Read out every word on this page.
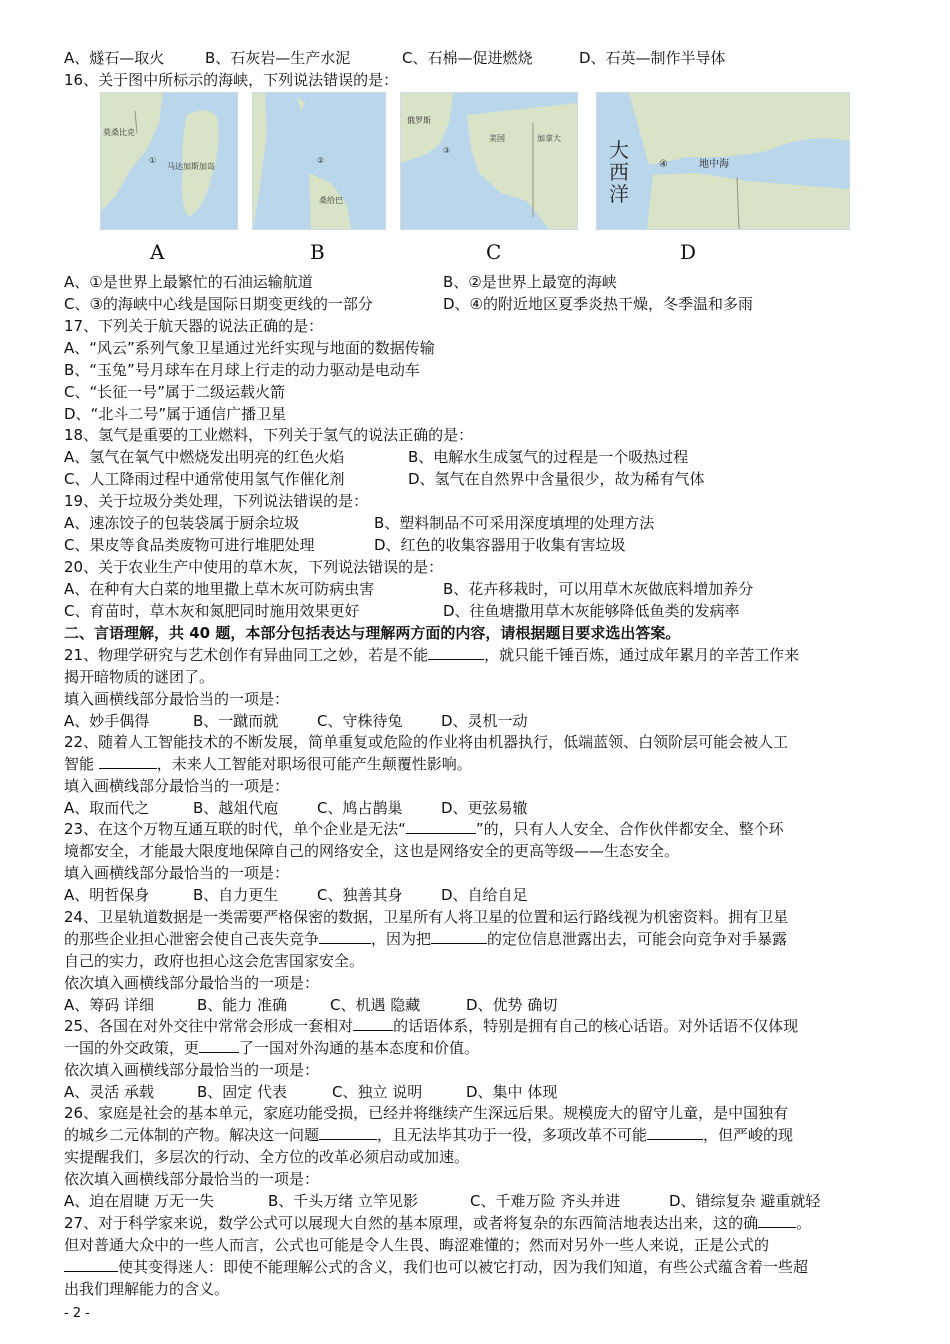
A、燧石—取火	B、石灰岩—生产水泥	C、石棉—促进燃烧	D、石英—制作半导体
16、关于图中所标示的海峡，下列说法错误的是：
莫桑比克
①
马达加斯加岛
②
桑给巴
俄罗斯
③
美国	加拿大 大
西
洋
④	地中海
A	B	C	D
A、①是世界上最繁忙的石油运输航道	B、②是世界上最宽的海峡
C、③的海峡中心线是国际日期变更线的一部分	D、④的附近地区夏季炎热干燥，冬季温和多雨
17、下列关于航天器的说法正确的是：
A、“风云”系列气象卫星通过光纤实现与地面的数据传输
B、“玉兔”号月球车在月球上行走的动力驱动是电动车
C、“长征一号”属于二级运载火箭
D、“北斗二号”属于通信广播卫星
18、氢气是重要的工业燃料，下列关于氢气的说法正确的是：
A、氢气在氧气中燃烧发出明亮的红色火焰	B、电解水生成氢气的过程是一个吸热过程
C、人工降雨过程中通常使用氢气作催化剂	D、氢气在自然界中含量很少，故为稀有气体
19、关于垃圾分类处理，下列说法错误的是：
A、速冻饺子的包装袋属于厨余垃圾	B、塑料制品不可采用深度填埋的处理方法
C、果皮等食品类废物可进行堆肥处理	D、红色的收集容器用于收集有害垃圾
20、关于农业生产中使用的草木灰，下列说法错误的是：
A、在种有大白菜的地里撒上草木灰可防病虫害	B、花卉移栽时，可以用草木灰做底料增加养分
C、育苗时，草木灰和氮肥同时施用效果更好	D、往鱼塘撒用草木灰能够降低鱼类的发病率
二、言语理解，共 40 题，本部分包括表达与理解两方面的内容，请根据题目要求选出答案。
21、物理学研究与艺术创作有异曲同工之妙，若是不能	，就只能千锤百炼，通过成年累月的辛苦工作来
揭开暗物质的谜团了。
填入画横线部分最恰当的一项是：
A、妙手偶得	B、一蹴而就	C、守株待兔	D、灵机一动
22、随着人工智能技术的不断发展，简单重复或危险的作业将由机器执行，低端蓝领、白领阶层可能会被人工
智能	，未来人工智能对职场很可能产生颠覆性影响。
填入画横线部分最恰当的一项是：
A、取而代之	B、越俎代庖	C、鸠占鹊巢	D、更弦易辙
23、在这个万物互通互联的时代，单个企业是无法“	”的，只有人人安全、合作伙伴都安全、整个环
境都安全，才能最大限度地保障自己的网络安全，这也是网络安全的更高等级——生态安全。
填入画横线部分最恰当的一项是：
A、明哲保身	B、自力更生	C、独善其身	D、自给自足
24、卫星轨道数据是一类需要严格保密的数据，卫星所有人将卫星的位置和运行路线视为机密资料。拥有卫星
的那些企业担心泄密会使自己丧失竞争	，因为把	的定位信息泄露出去，可能会向竞争对手暴露
自己的实力，政府也担心这会危害国家安全。
依次填入画横线部分最恰当的一项是：
A、筹码 详细	B、能力 准确	C、机遇 隐藏	D、优势 确切
25、各国在对外交往中常常会形成一套相对	的话语体系，特别是拥有自己的核心话语。对外话语不仅体现
一国的外交政策，更	了一国对外沟通的基本态度和价值。
依次填入画横线部分最恰当的一项是：
A、灵活 承载	B、固定 代表	C、独立 说明	D、集中 体现
26、家庭是社会的基本单元，家庭功能受损，已经并将继续产生深远后果。规模庞大的留守儿童，是中国独有
的城乡二元体制的产物。解决这一问题	，且无法毕其功于一役，多项改革不可能	，但严峻的现
实提醒我们，多层次的行动、全方位的改革必须启动或加速。
依次填入画横线部分最恰当的一项是：
A、迫在眉睫 万无一失	B、千头万绪 立竿见影	C、千难万险 齐头并进	D、错综复杂 避重就轻
27、对于科学家来说，数学公式可以展现大自然的基本原理，或者将复杂的东西简洁地表达出来，这的确	。
但对普通大众中的一些人而言，公式也可能是令人生畏、晦涩难懂的；然而对另外一些人来说，正是公式的
使其变得迷人：即使不能理解公式的含义，我们也可以被它打动，因为我们知道，有些公式蕴含着一些超
出我们理解能力的含义。
- 2 -
